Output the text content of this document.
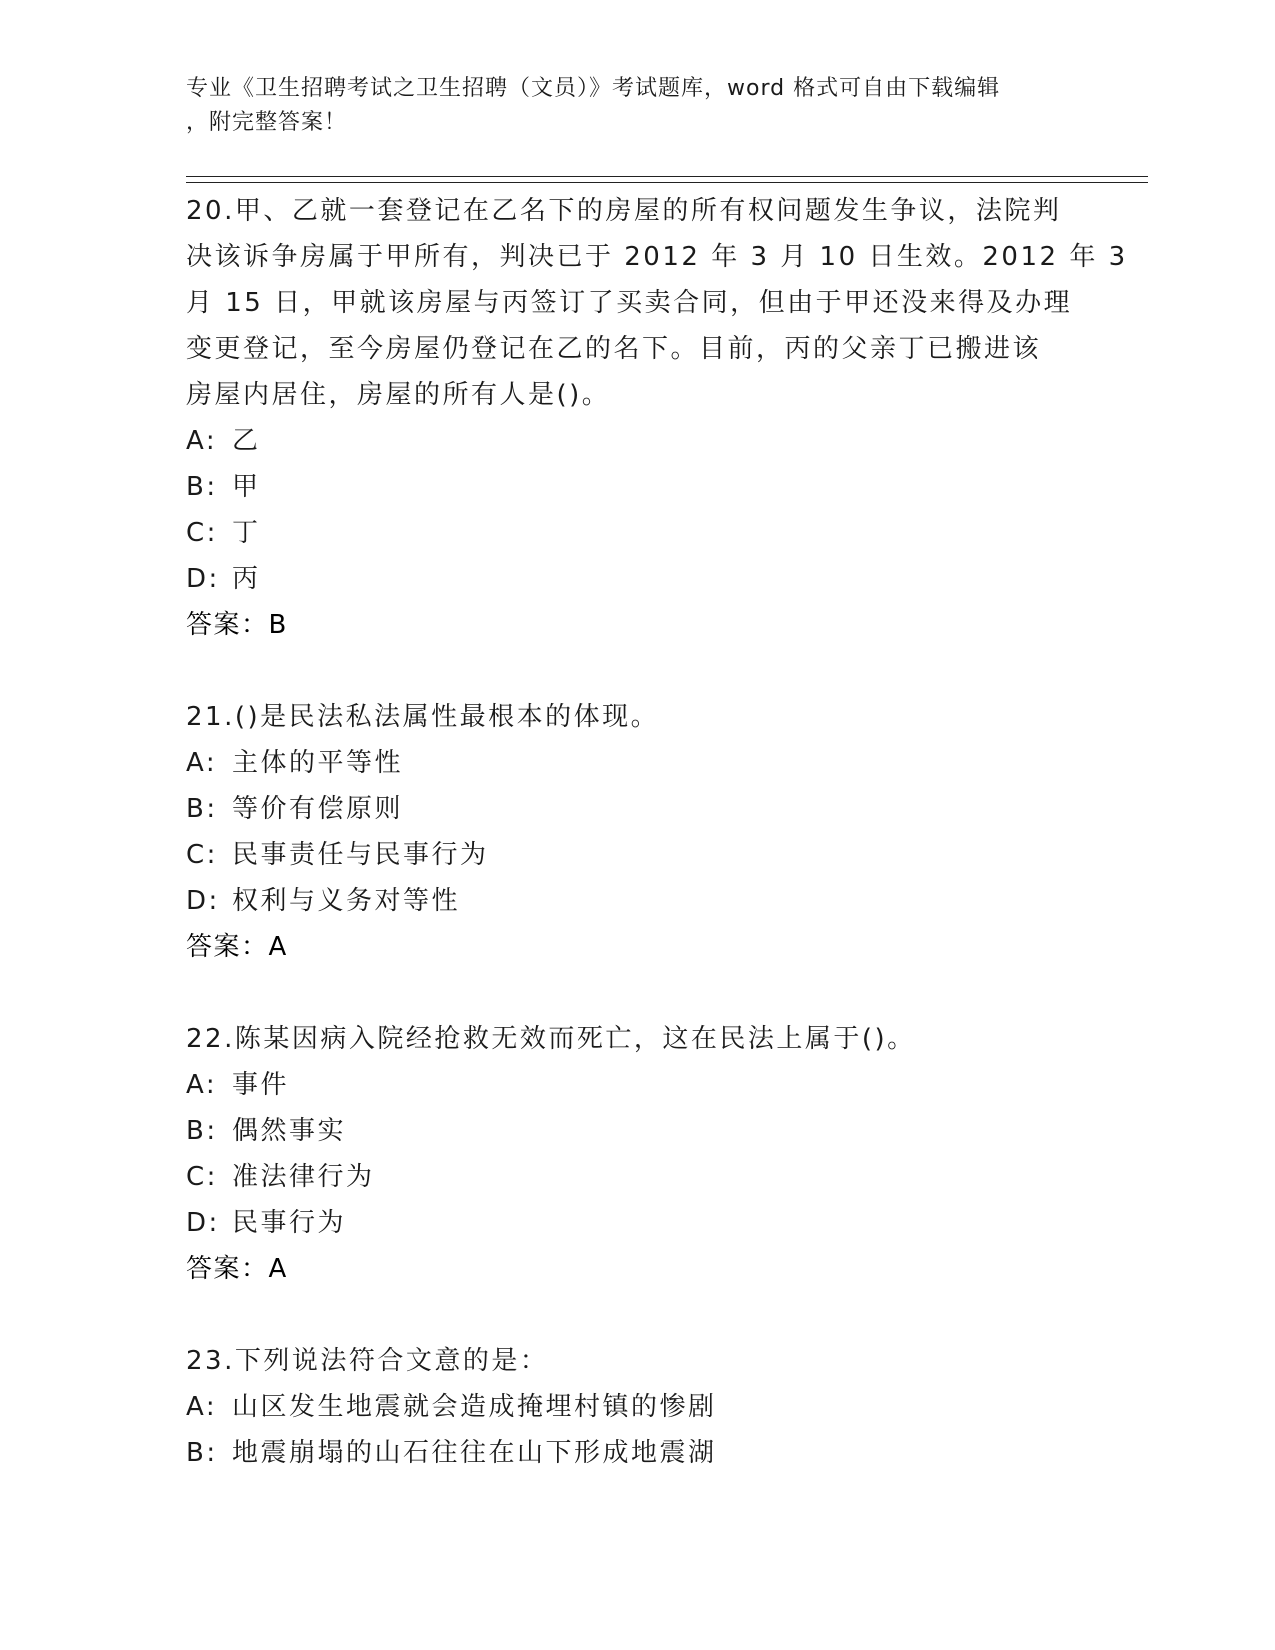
专业《卫生招聘考试之卫生招聘（文员）》考试题库，word 格式可自由下载编辑
，附完整答案！
20.甲、乙就一套登记在乙名下的房屋的所有权问题发生争议，法院判
决该诉争房属于甲所有，判决已于 2012 年 3 月 10 日生效。2012 年 3
月 15 日，甲就该房屋与丙签订了买卖合同，但由于甲还没来得及办理
变更登记，至今房屋仍登记在乙的名下。目前，丙的父亲丁已搬进该
房屋内居住，房屋的所有人是()。
A: 乙
B: 甲
C: 丁
D: 丙
答案：B
21.()是民法私法属性最根本的体现。
A: 主体的平等性
B: 等价有偿原则
C: 民事责任与民事行为
D: 权利与义务对等性
答案：A
22.陈某因病入院经抢救无效而死亡，这在民法上属于()。
A: 事件
B: 偶然事实
C: 准法律行为
D: 民事行为
答案：A
23.下列说法符合文意的是：
A: 山区发生地震就会造成掩埋村镇的惨剧
B: 地震崩塌的山石往往在山下形成地震湖
